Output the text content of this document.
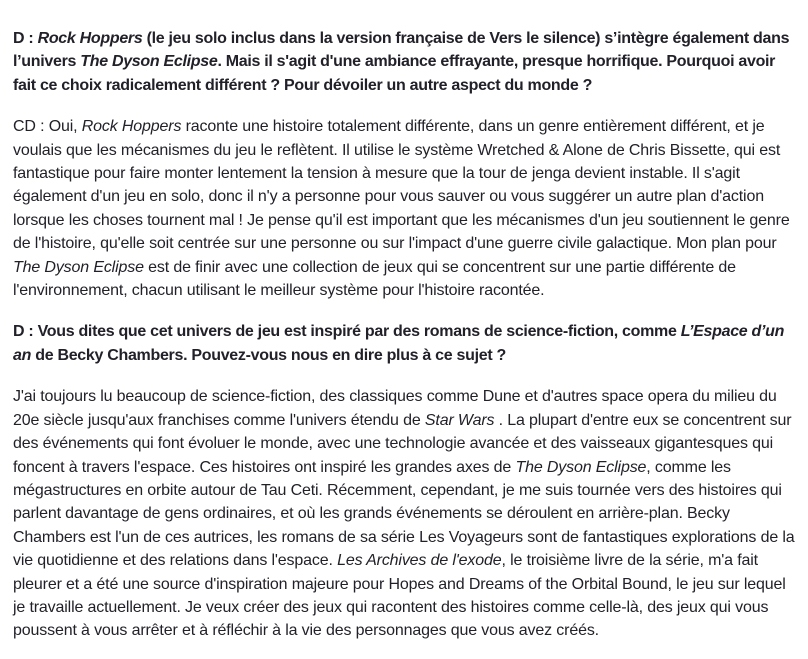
D : Rock Hoppers (le jeu solo inclus dans la version française de Vers le silence) s’intègre également dans l’univers The Dyson Eclipse. Mais il s'agit d'une ambiance effrayante, presque horrifique. Pourquoi avoir fait ce choix radicalement différent ? Pour dévoiler un autre aspect du monde ?

CD : Oui, Rock Hoppers raconte une histoire totalement différente, dans un genre entièrement différent, et je voulais que les mécanismes du jeu le reflètent. Il utilise le système Wretched & Alone de Chris Bissette, qui est fantastique pour faire monter lentement la tension à mesure que la tour de jenga devient instable. Il s'agit également d'un jeu en solo, donc il n'y a personne pour vous sauver ou vous suggérer un autre plan d'action lorsque les choses tournent mal ! Je pense qu'il est important que les mécanismes d'un jeu soutiennent le genre de l'histoire, qu'elle soit centrée sur une personne ou sur l'impact d'une guerre civile galactique. Mon plan pour The Dyson Eclipse est de finir avec une collection de jeux qui se concentrent sur une partie différente de l'environnement, chacun utilisant le meilleur système pour l'histoire racontée.

D : Vous dites que cet univers de jeu est inspiré par des romans de science-fiction, comme L’Espace d’un an de Becky Chambers. Pouvez-vous nous en dire plus à ce sujet ?

J'ai toujours lu beaucoup de science-fiction, des classiques comme Dune et d'autres space opera du milieu du 20e siècle jusqu'aux franchises comme l'univers étendu de Star Wars . La plupart d'entre eux se concentrent sur des événements qui font évoluer le monde, avec une technologie avancée et des vaisseaux gigantesques qui foncent à travers l'espace. Ces histoires ont inspiré les grandes axes de The Dyson Eclipse, comme les mégastructures en orbite autour de Tau Ceti. Récemment, cependant, je me suis tournée vers des histoires qui parlent davantage de gens ordinaires, et où les grands événements se déroulent en arrière-plan. Becky Chambers est l'un de ces autrices, les romans de sa série Les Voyageurs sont de fantastiques explorations de la vie quotidienne et des relations dans l'espace. Les Archives de l'exode, le troisième livre de la série, m'a fait pleurer et a été une source d'inspiration majeure pour Hopes and Dreams of the Orbital Bound, le jeu sur lequel je travaille actuellement. Je veux créer des jeux qui racontent des histoires comme celle-là, des jeux qui vous poussent à vous arrêter et à réfléchir à la vie des personnages que vous avez créés.
